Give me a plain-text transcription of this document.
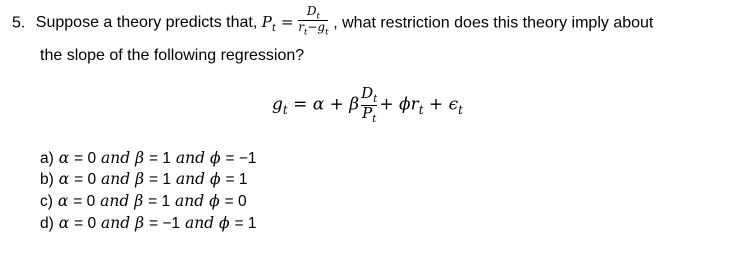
5. Suppose a theory predicts that, $P_t = \frac{D_t}{r_t-g_t}$ , what restriction does this theory imply about
the slope of the following regression?
$g_t = \alpha + \beta \frac{D_t}{P_t} + \phi r_t + \epsilon_t$
a) α = 0 and β = 1 and ϕ = −1
b) α = 0 and β = 1 and ϕ = 1
c) α = 0 and β = 1 and ϕ = 0
d) α = 0 and β = −1 and ϕ = 1
